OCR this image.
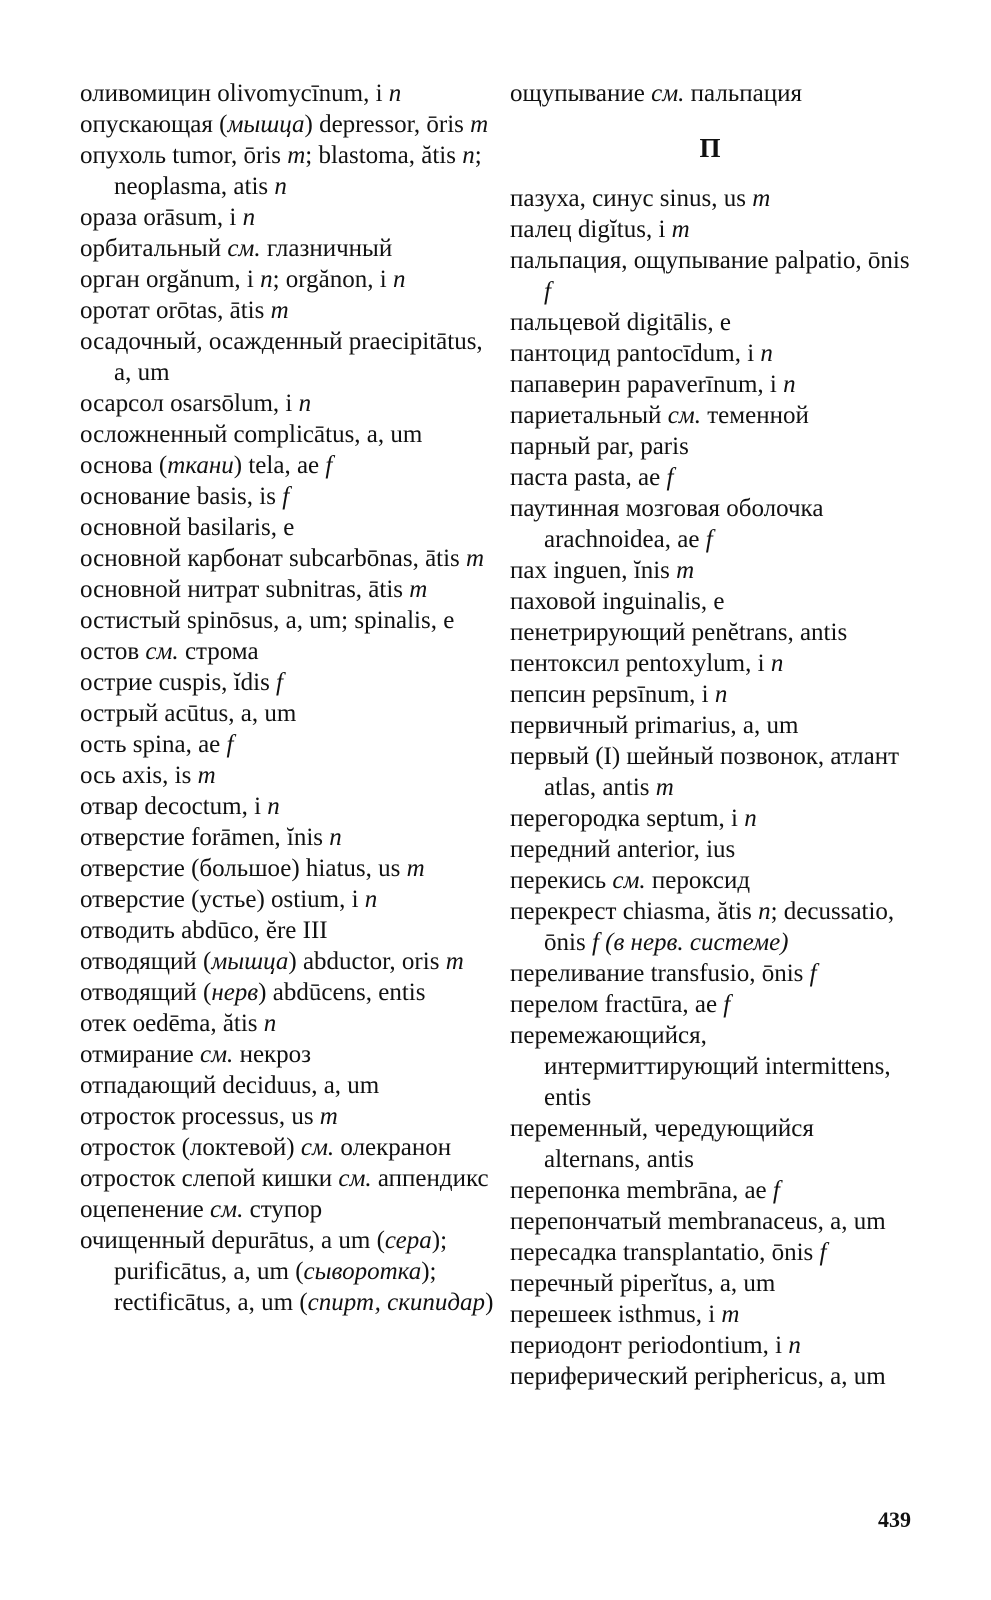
оливомицин olivomycīnum, i n
опускающая (мышца) depressor, ōris m
опухоль tumor, ōris m; blastoma, ătis n; neoplasma, atis n
ораза orāsum, i n
орбитальный см. глазничный
орган orgănum, i n; orgănon, i n
оротат orōtas, ātis m
осадочный, осажденный praecipitātus, a, um
осарсол osarsōlum, i n
осложненный complicātus, a, um
основа (ткани) tela, ae f
основание basis, is f
основной basilaris, e
основной карбонат subcarbōnas, ātis m
основной нитрат subnitras, ātis m
остистый spinōsus, a, um; spinalis, e
остов см. строма
острие cuspis, ĭdis f
острый acūtus, a, um
ость spina, ae f
ось axis, is m
отвар decoctum, i n
отверстие forāmen, ĭnis n
отверстие (большое) hiatus, us m
отверстие (устье) ostium, i n
отводить abdūco, ĕre III
отводящий (мышца) abductor, oris m
отводящий (нерв) abdūcens, entis
отек oedēma, ătis n
отмирание см. некроз
отпадающий deciduus, a, um
отросток processus, us m
отросток (локтевой) см. олекранон
отросток слепой кишки см. аппендикс
оцепенение см. ступор
очищенный depurātus, a um (сера); purificātus, a, um (сыворотка); rectificātus, a, um (спирт, скипидар)
ощупывание см. пальпация
П
пазуха, синус sinus, us m
палец digĭtus, i m
пальпация, ощупывание palpatio, ōnis f
пальцевой digitālis, e
пантоцид pantocīdum, i n
папаверин papaverīnum, i n
париетальный см. теменной
парный par, paris
паста pasta, ae f
паутинная мозговая оболочка arachnoidea, ae f
пах inguen, ĭnis m
паховой inguinalis, e
пенетрирующий penĕtrans, antis
пентоксил pentoxylum, i n
пепсин pepsīnum, i n
первичный primarius, a, um
первый (I) шейный позвонок, атлант atlas, antis m
перегородка septum, i n
передний anterior, ius
перекись см. пероксид
перекрест chiasma, ătis n; decussatio, ōnis f (в нерв. системе)
переливание transfusio, ōnis f
перелом fractūra, ae f
перемежающийся, интермиттирующий intermittens, entis
переменный, чередующийся alternans, antis
перепонка membrāna, ae f
перепончатый membranaceus, a, um
пересадка transplantatio, ōnis f
перечный piperĭtus, a, um
перешеек isthmus, i m
периодонт periodontium, i n
периферический periphericus, a, um
439
